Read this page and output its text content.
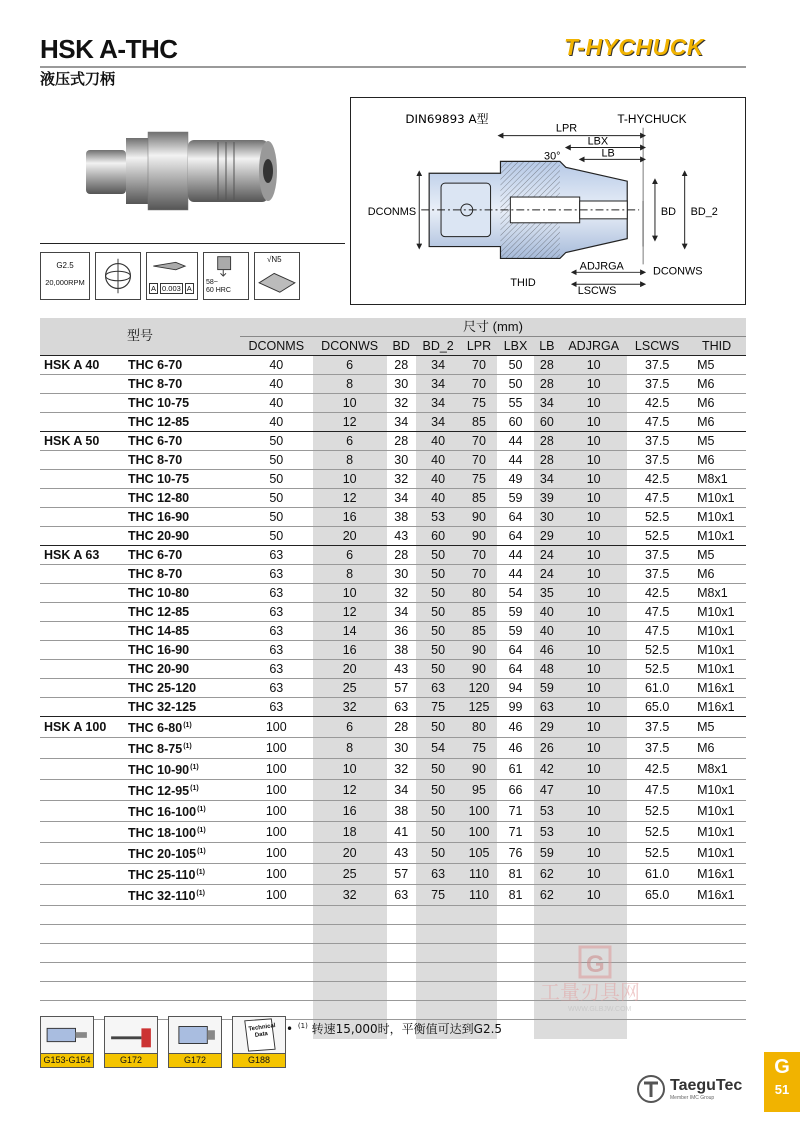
HSK A-THC
液压式刀柄
T-HYCHUCK
G2.5
20,000RPM
A 0.003 A
58~
60 HRC
√N5
DIN69893 A型	T-HYCHUCK
LPR
LBX
30°	LB
DCONMS	BD BD_2
ADJRGA	DCONWS
THID
LSCWS
型号		尺寸 (mm)									
		DCONMS	DCONWS	BD	BD_2	LPR	LBX	LB	ADJRGA	LSCWS	THID
HSK A 40	THC 6-70	40	6	28	34	70	50	28	10	37.5	M5
	THC 8-70	40	8	30	34	70	50	28	10	37.5	M6
	THC 10-75	40	10	32	34	75	55	34	10	42.5	M6
	THC 12-85	40	12	34	34	85	60	60	10	47.5	M6
HSK A 50	THC 6-70	50	6	28	40	70	44	28	10	37.5	M5
	THC 8-70	50	8	30	40	70	44	28	10	37.5	M6
	THC 10-75	50	10	32	40	75	49	34	10	42.5	M8x1
	THC 12-80	50	12	34	40	85	59	39	10	47.5	M10x1
	THC 16-90	50	16	38	53	90	64	30	10	52.5	M10x1
	THC 20-90	50	20	43	60	90	64	29	10	52.5	M10x1
HSK A 63	THC 6-70	63	6	28	50	70	44	24	10	37.5	M5
	THC 8-70	63	8	30	50	70	44	24	10	37.5	M6
	THC 10-80	63	10	32	50	80	54	35	10	42.5	M8x1
	THC 12-85	63	12	34	50	85	59	40	10	47.5	M10x1
	THC 14-85	63	14	36	50	85	59	40	10	47.5	M10x1
	THC 16-90	63	16	38	50	90	64	46	10	52.5	M10x1
	THC 20-90	63	20	43	50	90	64	48	10	52.5	M10x1
	THC 25-120	63	25	57	63	120	94	59	10	61.0	M16x1
	THC 32-125	63	32	63	75	125	99	63	10	65.0	M16x1
HSK A 100	THC 6-80$^{(1)}$	100	6	28	50	80	46	29	10	37.5	M5
	THC 8-75$^{(1)}$	100	8	30	54	75	46	26	10	37.5	M6
	THC 10-90$^{(1)}$	100	10	32	50	90	61	42	10	42.5	M8x1
	THC 12-95$^{(1)}$	100	12	34	50	95	66	47	10	47.5	M10x1
	THC 16-100$^{(1)}$	100	16	38	50	100	71	53	10	52.5	M10x1
	THC 18-100$^{(1)}$	100	18	41	50	100	71	53	10	52.5	M10x1
	THC 20-105$^{(1)}$	100	20	43	50	105	76	59	10	52.5	M10x1
	THC 25-110$^{(1)}$	100	25	57	63	110	81	62	10	61.0	M16x1
	THC 32-110$^{(1)}$	100	32	63	75	110	81	62	10	65.0	M16x1

G
工量刃具网
WWW.GLBJW.COM
G153-G154	G172	G172
Technical Data
G188
• $^{(1)}$ 转速15,000时，平衡值可达到G2.5
TaeguTec
Member IMC Group
G
51
